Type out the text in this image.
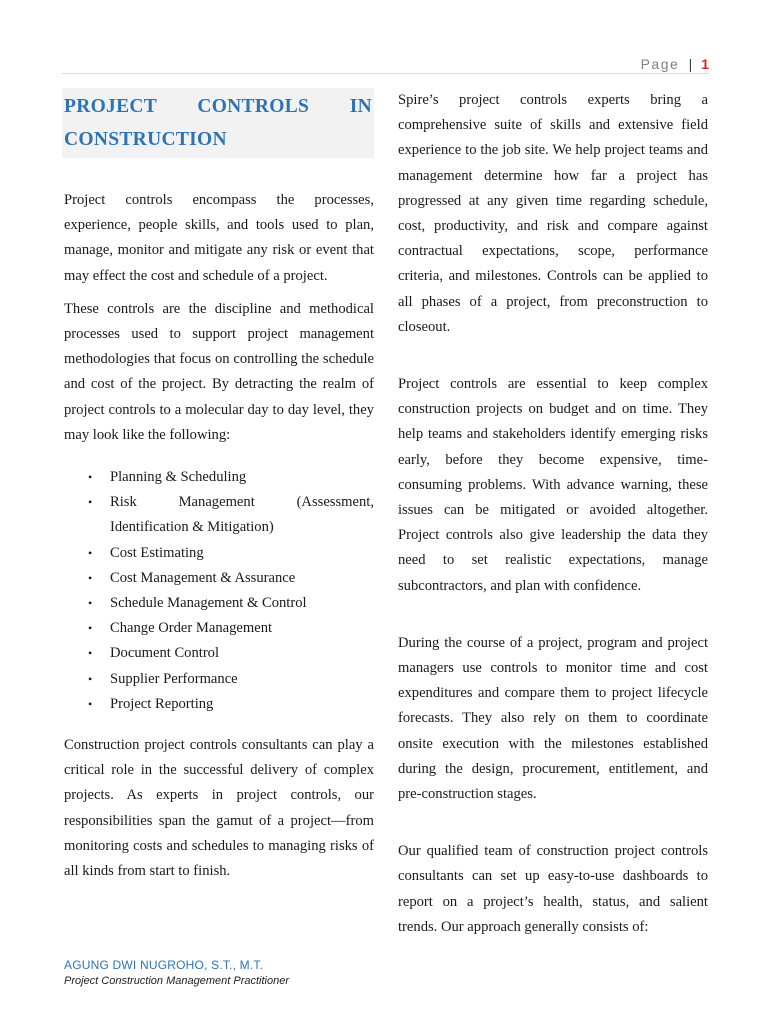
Page | 1
PROJECT CONTROLS IN CONSTRUCTION

Project controls encompass the processes, experience, people skills, and tools used to plan, manage, monitor and mitigate any risk or event that may effect the cost and schedule of a project.

These controls are the discipline and methodical processes used to support project management methodologies that focus on controlling the schedule and cost of the project. By detracting the realm of project controls to a molecular day to day level, they may look like the following:

• Planning & Scheduling
• Risk Management (Assessment, Identification & Mitigation)
• Cost Estimating
• Cost Management & Assurance
• Schedule Management & Control
• Change Order Management
• Document Control
• Supplier Performance
• Project Reporting

Construction project controls consultants can play a critical role in the successful delivery of complex projects. As experts in project controls, our responsibilities span the gamut of a project—from monitoring costs and schedules to managing risks of all kinds from start to finish.

Spire’s project controls experts bring a comprehensive suite of skills and extensive field experience to the job site. We help project teams and management determine how far a project has progressed at any given time regarding schedule, cost, productivity, and risk and compare against contractual expectations, scope, performance criteria, and milestones. Controls can be applied to all phases of a project, from preconstruction to closeout.

Project controls are essential to keep complex construction projects on budget and on time. They help teams and stakeholders identify emerging risks early, before they become expensive, time-consuming problems. With advance warning, these issues can be mitigated or avoided altogether. Project controls also give leadership the data they need to set realistic expectations, manage subcontractors, and plan with confidence.

During the course of a project, program and project managers use controls to monitor time and cost expenditures and compare them to project lifecycle forecasts. They also rely on them to coordinate onsite execution with the milestones established during the design, procurement, entitlement, and pre-construction stages.

Our qualified team of construction project controls consultants can set up easy-to-use dashboards to report on a project’s health, status, and salient trends. Our approach generally consists of:

AGUNG DWI NUGROHO, S.T., M.T.
Project Construction Management Practitioner
